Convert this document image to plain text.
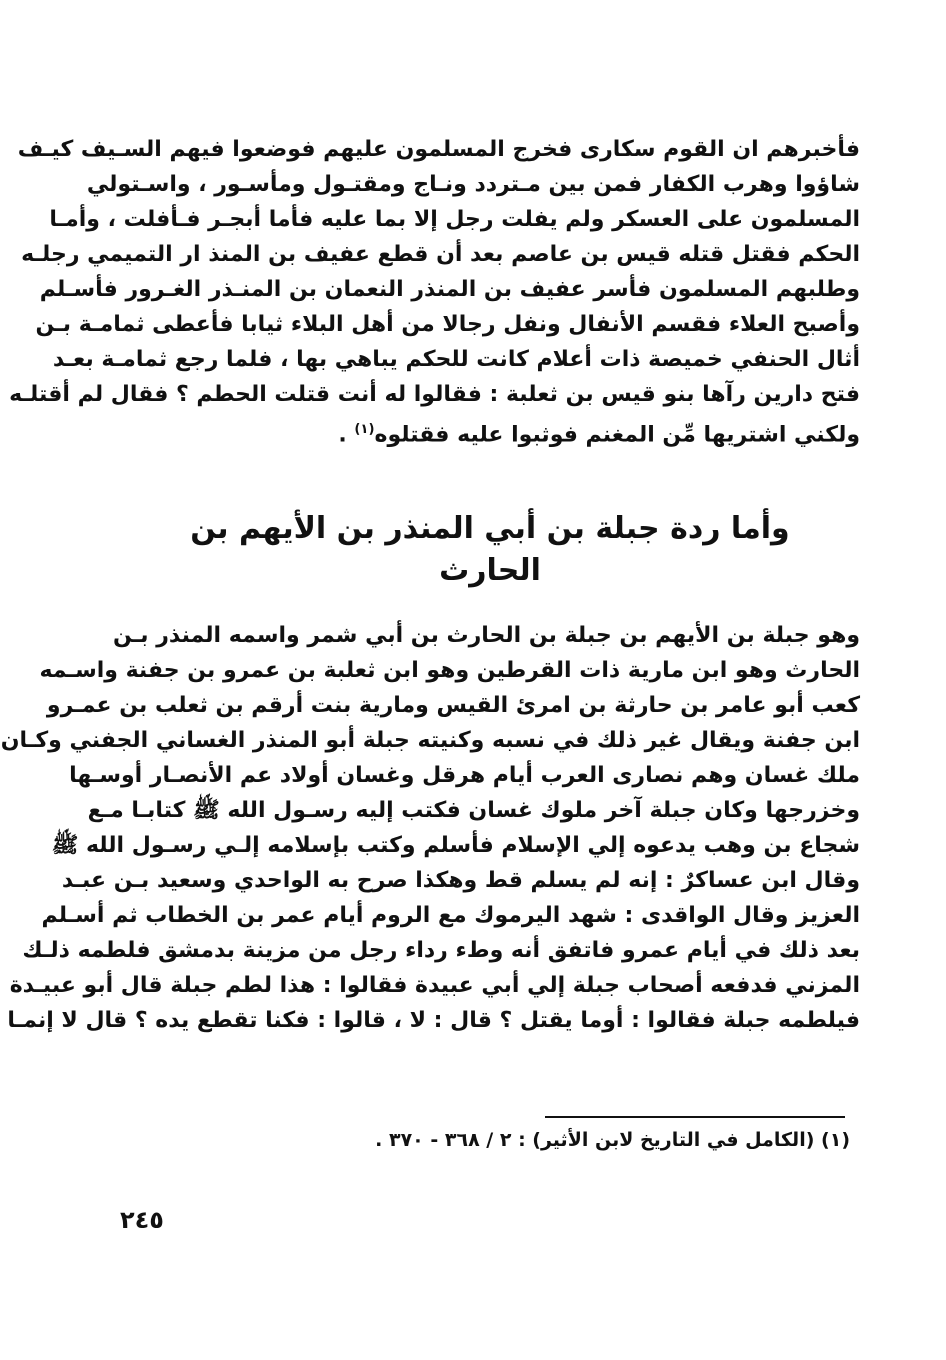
فأخبرهم ان القوم سكارى فخرج المسلمون عليهم فوضعوا فيهم السـيف كيـف
شاؤوا وهرب الكفار فمن بين مـتردد ونـاج ومقتـول ومأسـور ، واسـتولي
المسلمون على العسكر ولم يفلت رجل إلا بما عليه فأما أبجـر فـأفلت ، وأمـا
الحكم فقتل قتله قيس بن عاصم بعد أن قطع عفيف بن المنذ ار التميمي رجلـه
وطلبهم المسلمون فأسر عفيف بن المنذر النعمان بن المنـذر الغـرور فأسـلم
وأصبح العلاء فقسم الأنفال ونفل رجالا من أهل البلاء ثيابا فأعطى ثمامـة بـن
أثال الحنفي خميصة ذات أعلام كانت للحكم يباهي بها ، فلما رجع ثمامـة بعـد
فتح دارين رآها بنو قيس بن ثعلبة : فقالوا له أنت قتلت الحطم ؟ فقال لم أقتلـه
ولكني اشتريها مِّن المغنم فوثبوا عليه فقتلوه$^{(١)}$ .
وأما ردة جبلة بن أبي المنذر بن الأيهم بن
الحارث
وهو جبلة بن الأيهم بن جبلة بن الحارث بن أبي شمر واسمه المنذر بـن
الحارث وهو ابن مارية ذات القرطين وهو ابن ثعلبة بن عمرو بن جفنة واسـمه
كعب أبو عامر بن حارثة بن امرئ القيس ومارية بنت أرقم بن ثعلب بن عمـرو
ابن جفنة ويقال غير ذلك في نسبه وكنيته جبلة أبو المنذر الغساني الجفني وكـان
ملك غسان وهم نصارى العرب أيام هرقل وغسان أولاد عم الأنصـار أوسـها
وخزرجها وكان جبلة آخر ملوك غسان فكتب إليه رسـول الله ﷺ كتابـا مـع
شجاع بن وهب يدعوه إلي الإسلام فأسلم وكتب بإسلامه إلـي رسـول الله ﷺ
وقال ابن عساكرٌ : إنه لم يسلم قط وهكذا صرح به الواحدي وسعيد بـن عبـد
العزيز وقال الواقدى : شهد اليرموك مع الروم أيام عمر بن الخطاب ثم أسـلم
بعد ذلك في أيام عمرو فاتفق أنه وطء رداء رجل من مزينة بدمشق فلطمه ذلـك
المزني فدفعه أصحاب جبلة إلي أبي عبيدة فقالوا : هذا لطم جبلة قال أبو عبيـدة
فيلطمه جبلة فقالوا : أوما يقتل ؟ قال : لا ، قالوا : فكنا تقطع يده ؟ قال لا إنمـا
(١) (الكامل في التاريخ لابن الأثير) : ٢ / ٣٦٨ - ٣٧٠ .
٢٤٥
